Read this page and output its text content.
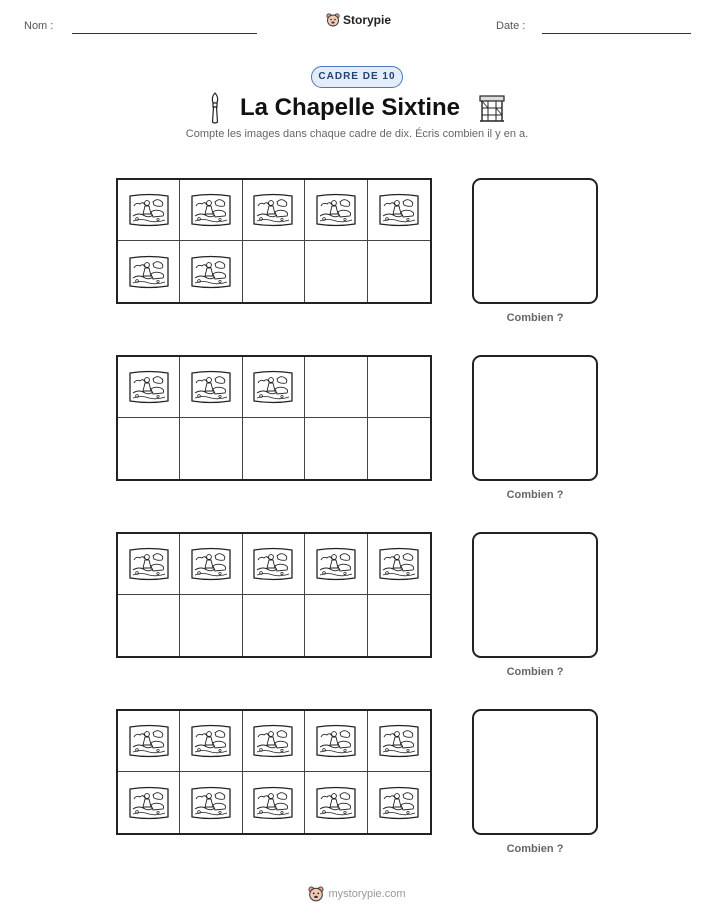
Nom :	Storypie	Date :
CADRE DE 10
La Chapelle Sixtine
Compte les images dans chaque cadre de dix. Écris combien il y en a.
Combien ?
Combien ?
Combien ?
Combien ?
mystorypie.com
